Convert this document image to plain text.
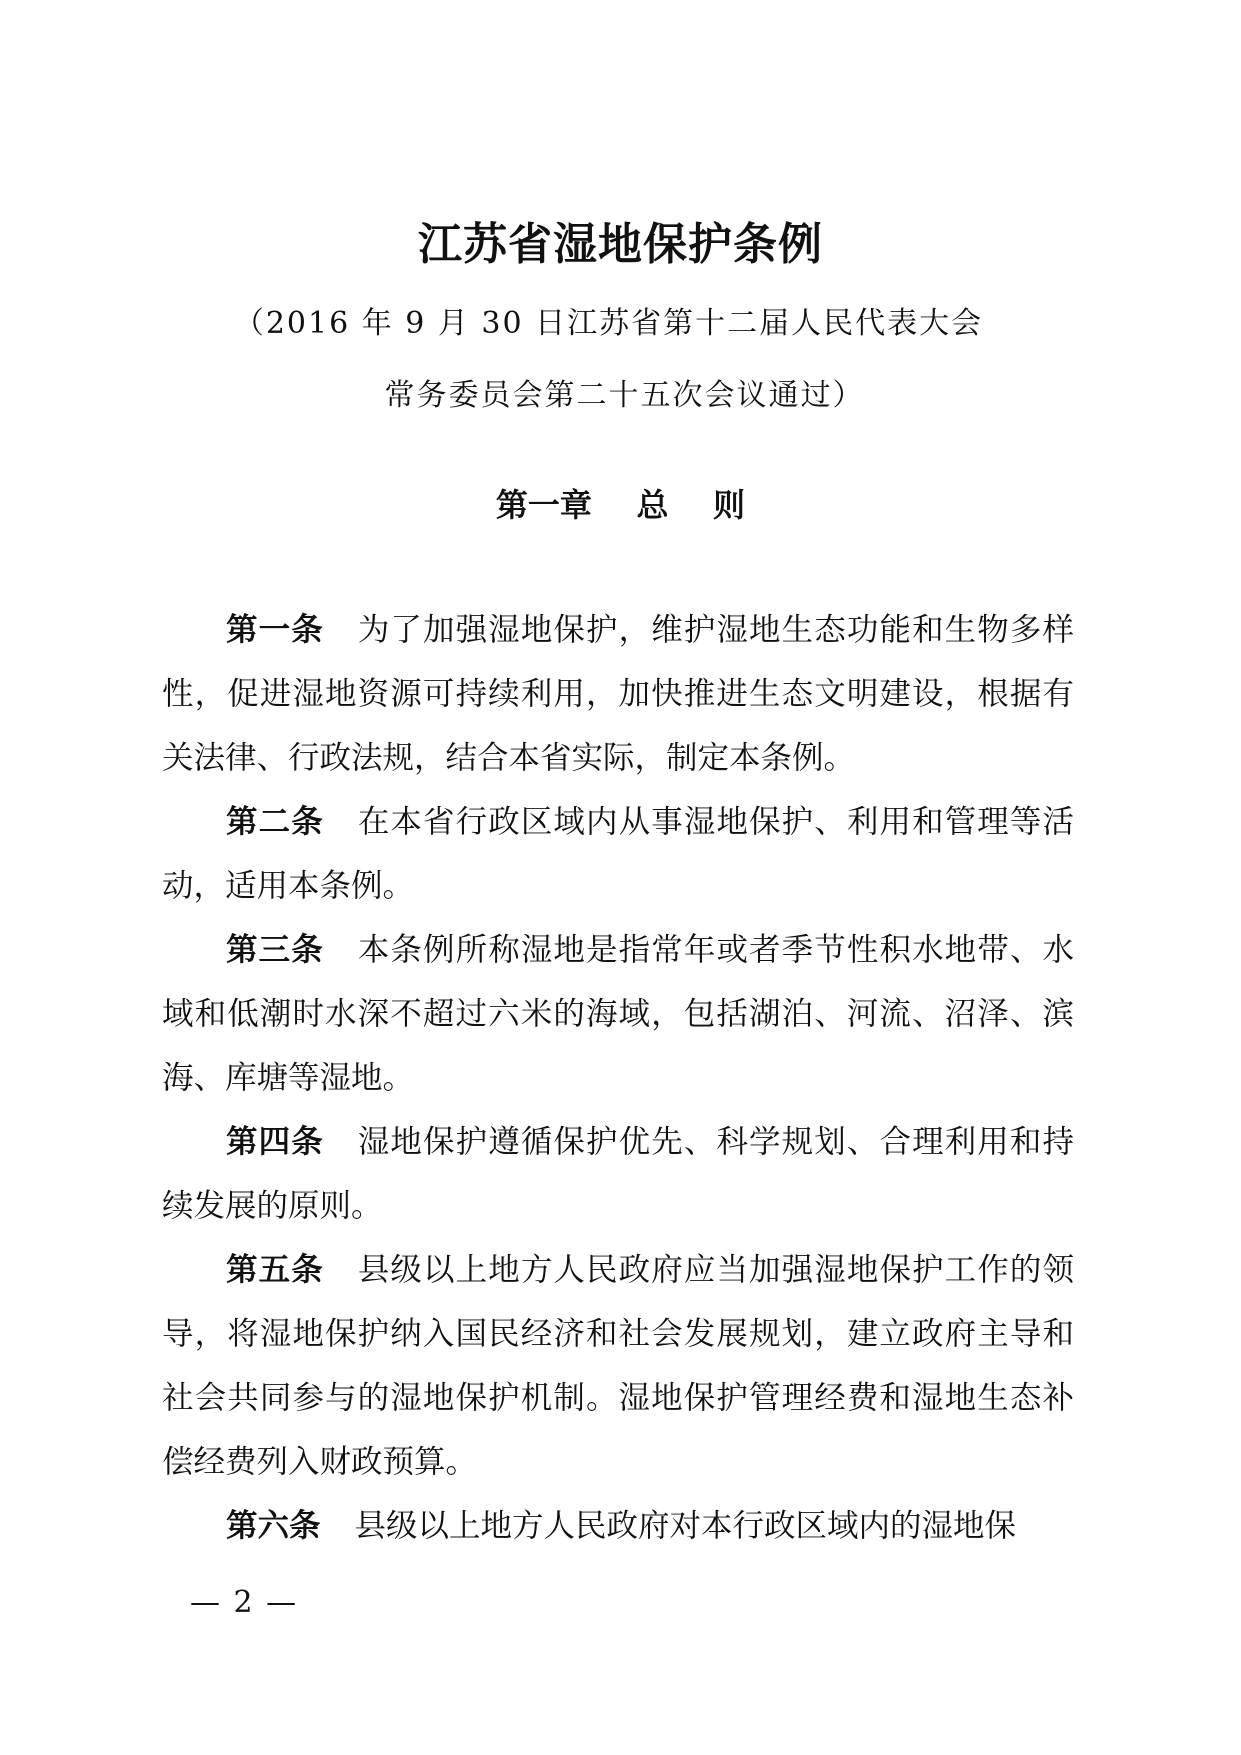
江苏省湿地保护条例
（2016 年 9 月 30 日江苏省第十二届人民代表大会
常务委员会第二十五次会议通过）
第一章    总    则

第一条 为了加强湿地保护，维护湿地生态功能和生物多样性，促进湿地资源可持续利用，加快推进生态文明建设，根据有关法律、行政法规，结合本省实际，制定本条例。

第二条 在本省行政区域内从事湿地保护、利用和管理等活动，适用本条例。

第三条 本条例所称湿地是指常年或者季节性积水地带、水域和低潮时水深不超过六米的海域，包括湖泊、河流、沼泽、滨海、库塘等湿地。

第四条 湿地保护遵循保护优先、科学规划、合理利用和持续发展的原则。

第五条 县级以上地方人民政府应当加强湿地保护工作的领导，将湿地保护纳入国民经济和社会发展规划，建立政府主导和社会共同参与的湿地保护机制。湿地保护管理经费和湿地生态补偿经费列入财政预算。

第六条 县级以上地方人民政府对本行政区域内的湿地保

— 2 —
